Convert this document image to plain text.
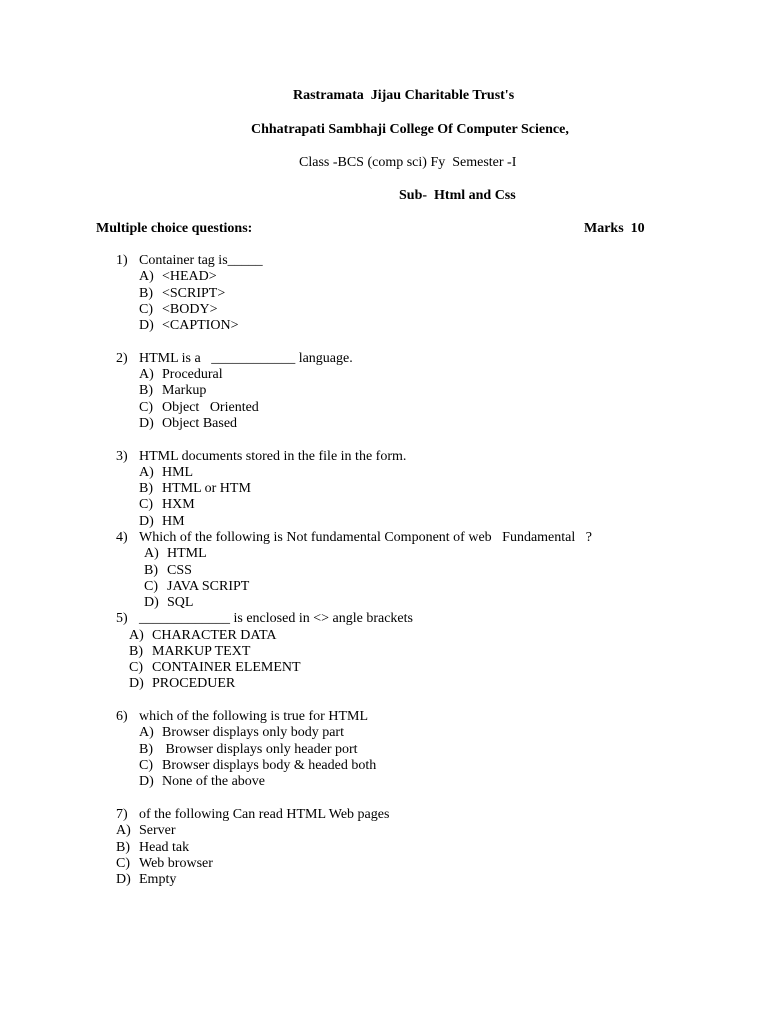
Rastramata  Jijau Charitable Trust's
Chhatrapati Sambhaji College Of Computer Science,
Class -BCS (comp sci) Fy  Semester -I
Sub-  Html and Css
Multiple choice questions:	Marks  10
1) Container tag is_____
A) <HEAD>
B) <SCRIPT>
C) <BODY>
D) <CAPTION>
2) HTML is a   ____________ language.
A) Procedural
B) Markup
C) Object   Oriented
D) Object Based
3) HTML documents stored in the file in the form.
A) HML
B) HTML or HTM
C) HXM
D) HM
4) Which of the following is Not fundamental Component of web   Fundamental   ?
A) HTML
B) CSS
C) JAVA SCRIPT
D) SQL
5) _____________ is enclosed in <> angle brackets
A) CHARACTER DATA
B) MARKUP TEXT
C) CONTAINER ELEMENT
D) PROCEDUER
6) which of the following is true for HTML
A) Browser displays only body part
B) Browser displays only header port
C) Browser displays body & headed both
D) None of the above
7) of the following Can read HTML Web pages
A) Server
B) Head tak
C) Web browser
D) Empty
